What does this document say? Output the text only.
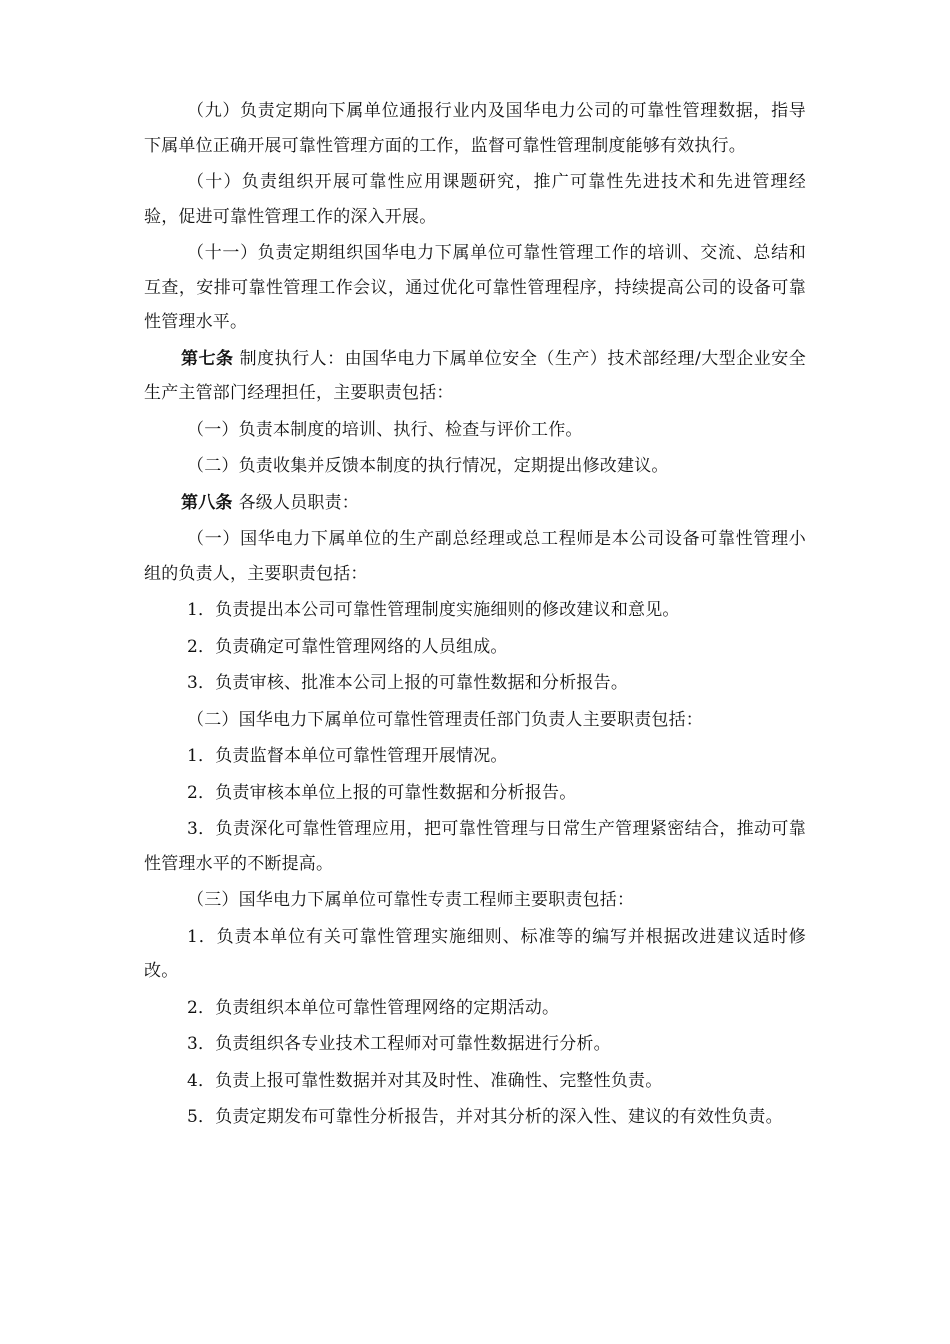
（九）负责定期向下属单位通报行业内及国华电力公司的可靠性管理数据，指导下属单位正确开展可靠性管理方面的工作，监督可靠性管理制度能够有效执行。

（十）负责组织开展可靠性应用课题研究，推广可靠性先进技术和先进管理经验，促进可靠性管理工作的深入开展。

（十一）负责定期组织国华电力下属单位可靠性管理工作的培训、交流、总结和互查，安排可靠性管理工作会议，通过优化可靠性管理程序，持续提高公司的设备可靠性管理水平。

第七条 制度执行人：由国华电力下属单位安全（生产）技术部经理/大型企业安全生产主管部门经理担任，主要职责包括：

（一）负责本制度的培训、执行、检查与评价工作。

（二）负责收集并反馈本制度的执行情况，定期提出修改建议。

第八条 各级人员职责：

（一）国华电力下属单位的生产副总经理或总工程师是本公司设备可靠性管理小组的负责人，主要职责包括：

1．负责提出本公司可靠性管理制度实施细则的修改建议和意见。

2．负责确定可靠性管理网络的人员组成。

3．负责审核、批准本公司上报的可靠性数据和分析报告。

（二）国华电力下属单位可靠性管理责任部门负责人主要职责包括：

1．负责监督本单位可靠性管理开展情况。

2．负责审核本单位上报的可靠性数据和分析报告。

3．负责深化可靠性管理应用，把可靠性管理与日常生产管理紧密结合，推动可靠性管理水平的不断提高。

（三）国华电力下属单位可靠性专责工程师主要职责包括：

1．负责本单位有关可靠性管理实施细则、标准等的编写并根据改进建议适时修改。

2．负责组织本单位可靠性管理网络的定期活动。

3．负责组织各专业技术工程师对可靠性数据进行分析。

4．负责上报可靠性数据并对其及时性、准确性、完整性负责。

5．负责定期发布可靠性分析报告，并对其分析的深入性、建议的有效性负责。
